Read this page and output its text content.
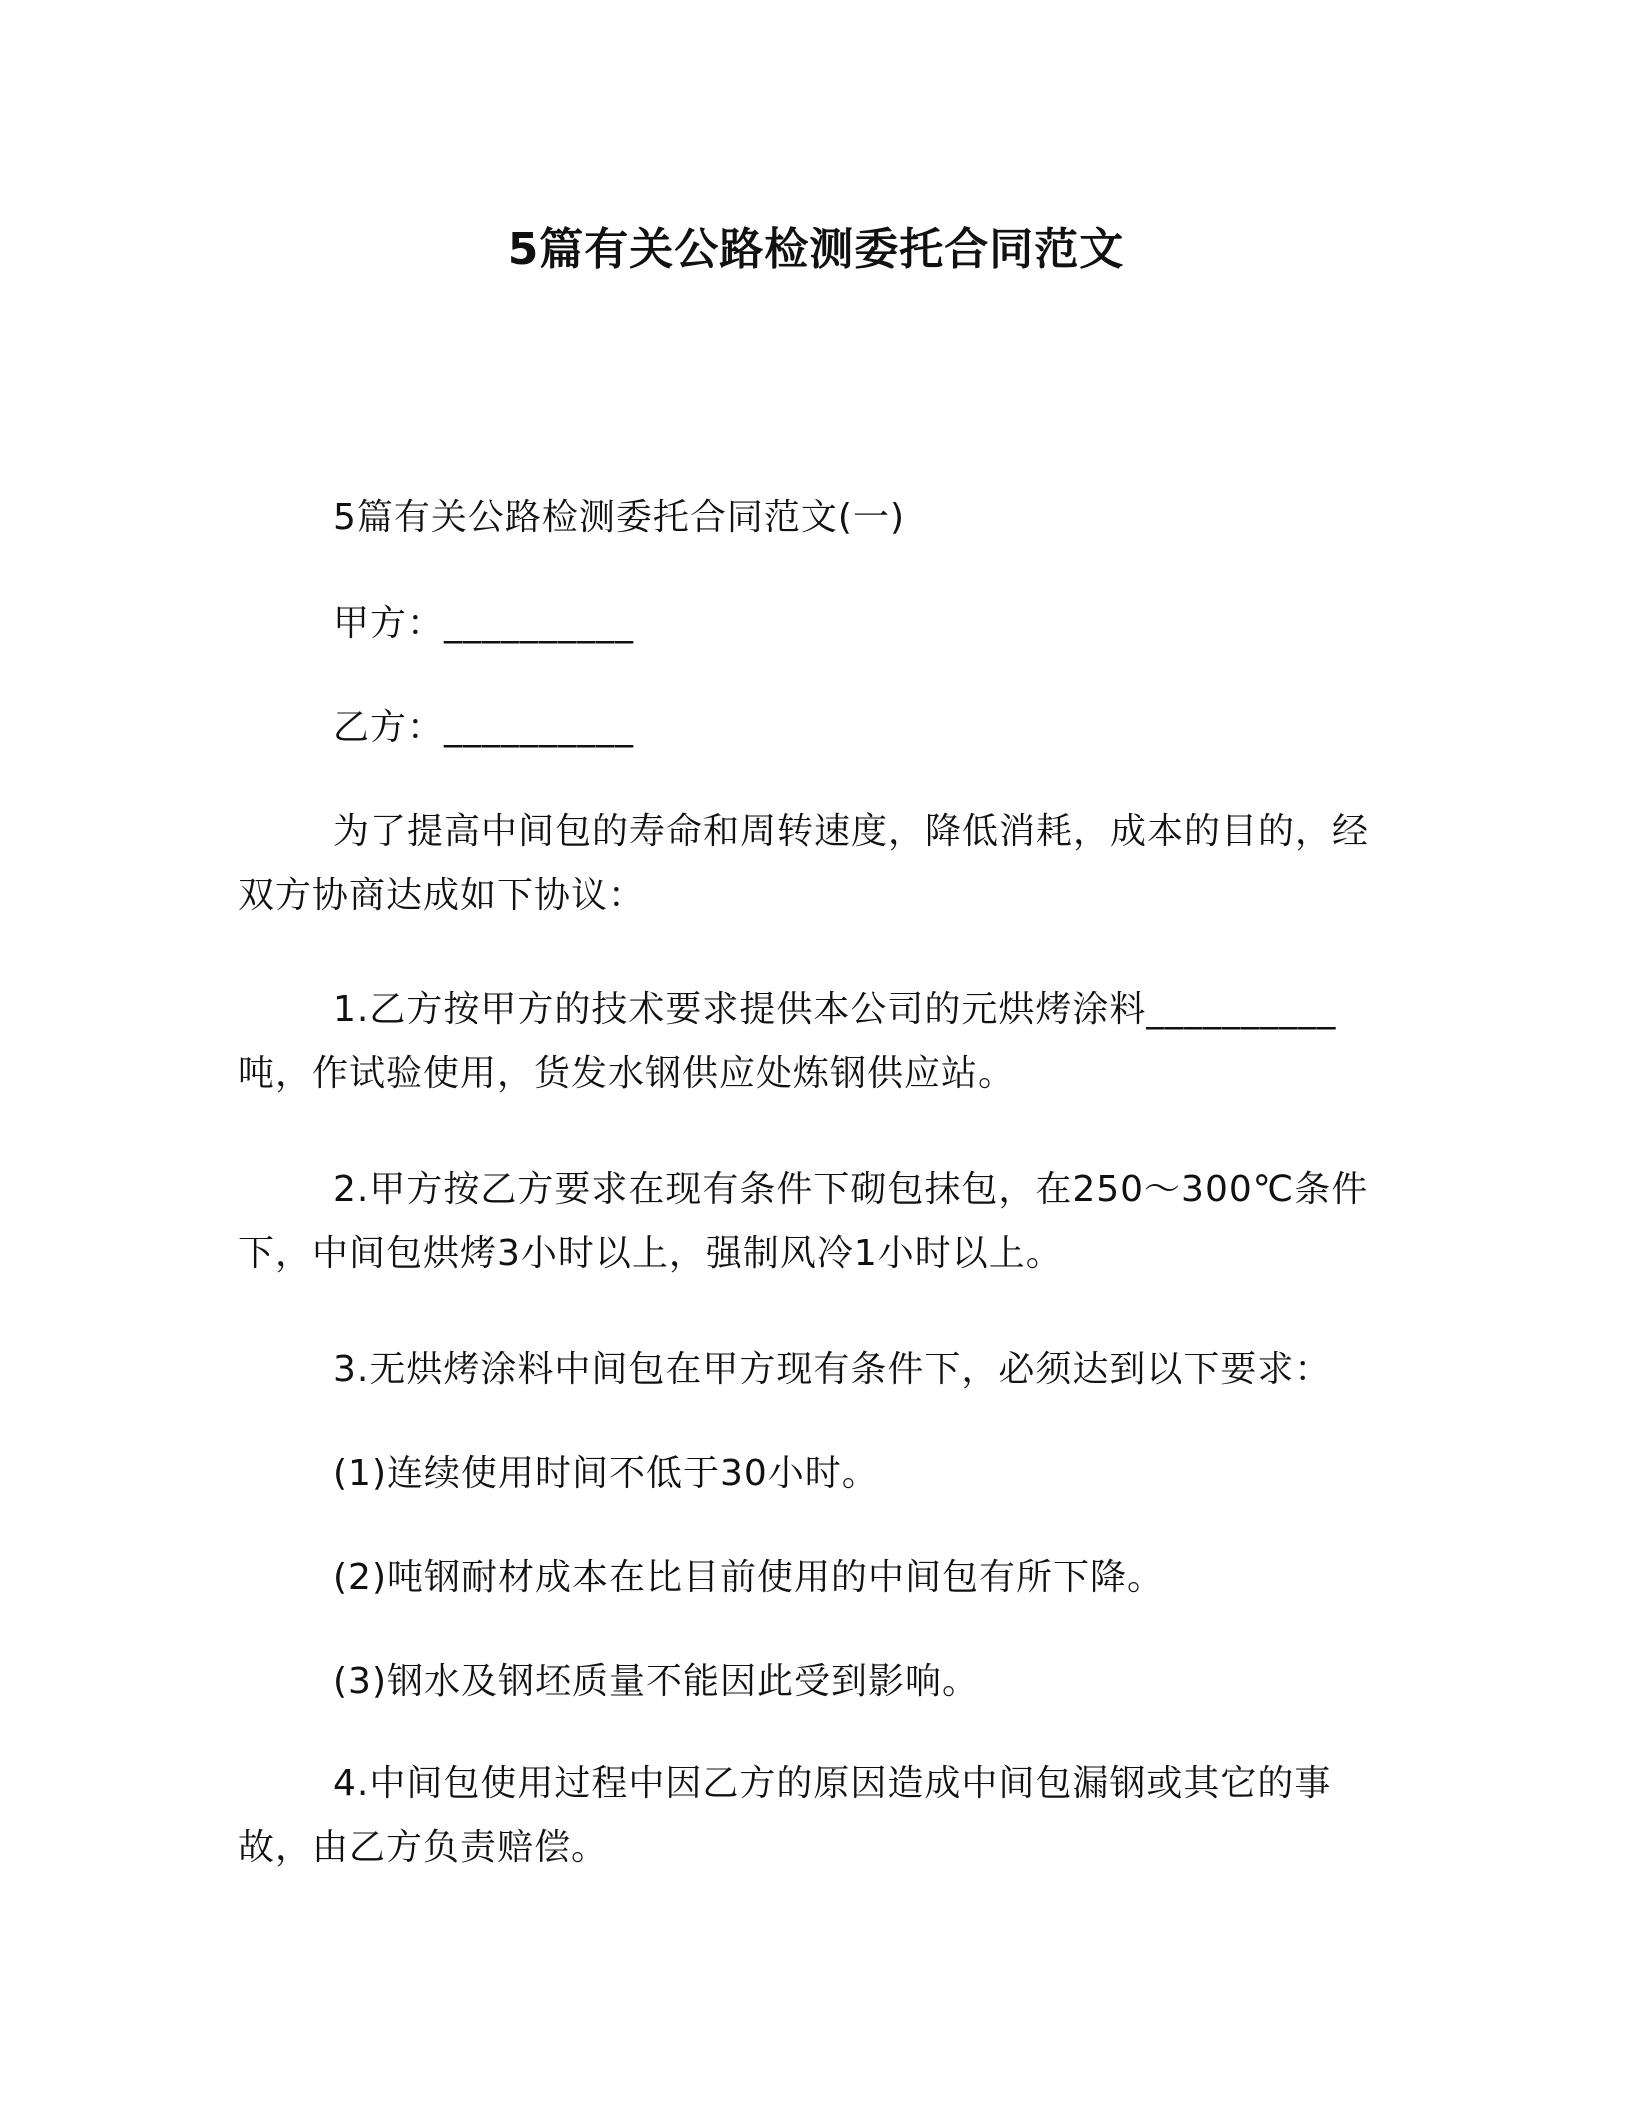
5篇有关公路检测委托合同范文
5篇有关公路检测委托合同范文(一)
甲方：__________
乙方：__________
为了提高中间包的寿命和周转速度，降低消耗，成本的目的，经双方协商达成如下协议：
1.乙方按甲方的技术要求提供本公司的元烘烤涂料__________吨，作试验使用，货发水钢供应处炼钢供应站。
2.甲方按乙方要求在现有条件下砌包抹包，在250～300℃条件下，中间包烘烤3小时以上，强制风冷1小时以上。
3.无烘烤涂料中间包在甲方现有条件下，必须达到以下要求：
(1)连续使用时间不低于30小时。
(2)吨钢耐材成本在比目前使用的中间包有所下降。
(3)钢水及钢坯质量不能因此受到影响。
4.中间包使用过程中因乙方的原因造成中间包漏钢或其它的事故，由乙方负责赔偿。
